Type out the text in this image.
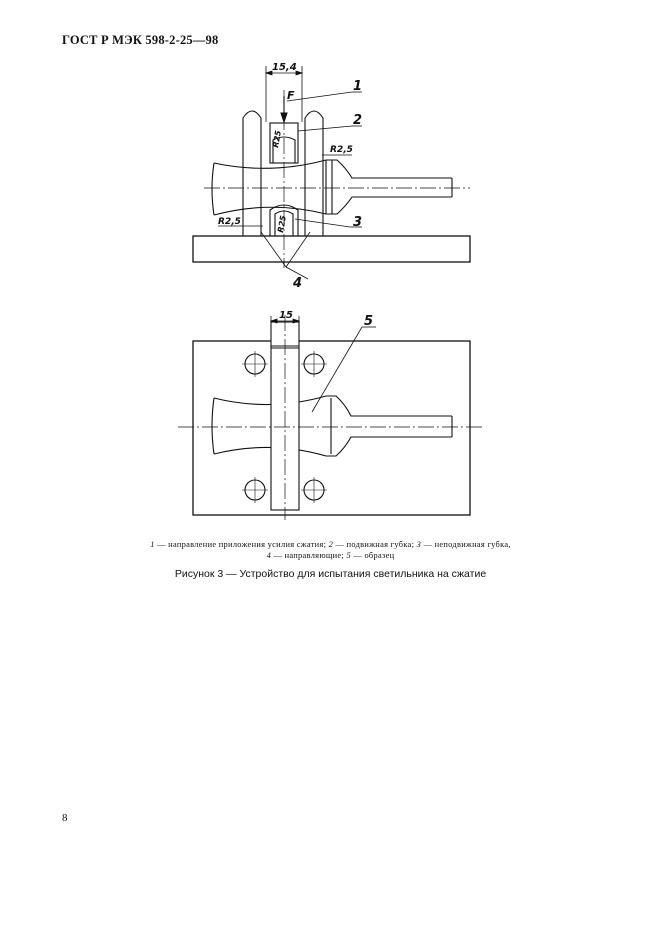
ГОСТ Р МЭК 598-2-25—98
15,4
F
1
2
R2,5
R25
R25
R2,5	3
4
15	5
1 — направление приложения усилия сжатия; 2 — подвижная губка; 3 — неподвижная губка,
4 — направляющие; 5 — образец
Рисунок 3 — Устройство для испытания светильника на сжатие
8
